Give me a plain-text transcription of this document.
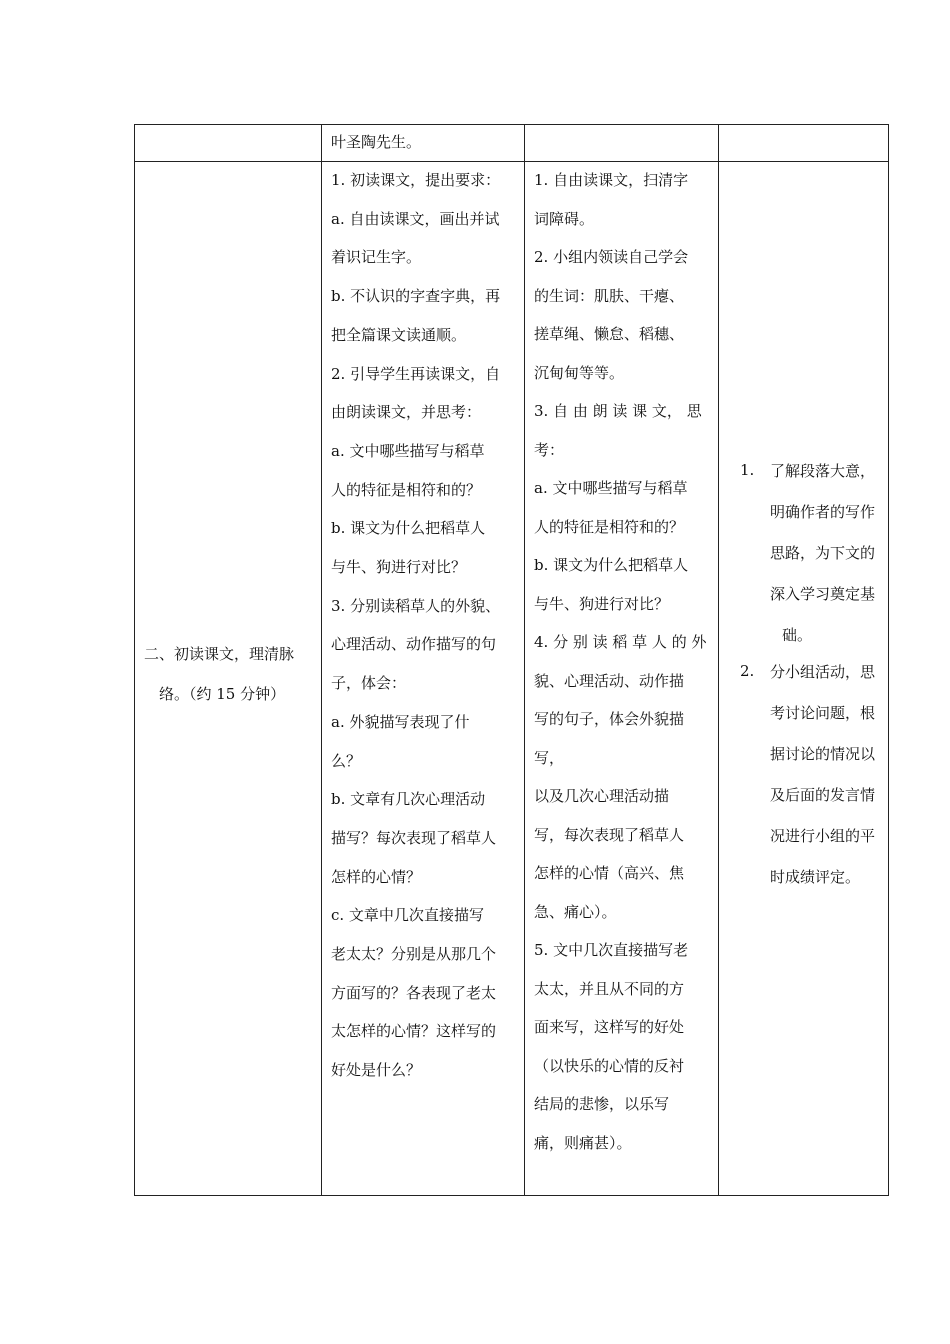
叶圣陶先生。
二、初读课文，理清脉
络。（约 15 分钟）
1. 初读课文，提出要求：
a. 自由读课文，画出并试
着识记生字。
b. 不认识的字查字典，再
把全篇课文读通顺。
2. 引导学生再读课文，自
由朗读课文，并思考：
a. 文中哪些描写与稻草
人的特征是相符和的？
b. 课文为什么把稻草人
与牛、狗进行对比？
3. 分别读稻草人的外貌、
心理活动、动作描写的句
子，体会：
a. 外貌描写表现了什
么？
b. 文章有几次心理活动
描写？每次表现了稻草人
怎样的心情？
c. 文章中几次直接描写
老太太？分别是从那几个
方面写的？各表现了老太
太怎样的心情？这样写的
好处是什么？
1. 自由读课文，扫清字
词障碍。
2. 小组内领读自己学会
的生词：肌肤、干瘪、
搓草绳、懒怠、稻穗、
沉甸甸等等。
3. 自 由 朗 读 课 文， 思
考：
a. 文中哪些描写与稻草
人的特征是相符和的？
b. 课文为什么把稻草人
与牛、狗进行对比？
4. 分 别 读 稻 草 人 的 外
貌、心理活动、动作描
写的句子，体会外貌描
写，
以及几次心理活动描
写，每次表现了稻草人
怎样的心情（高兴、焦
急、痛心）。
5. 文中几次直接描写老
太太，并且从不同的方
面来写，这样写的好处
（以快乐的心情的反衬
结局的悲惨，以乐写
痛，则痛甚）。
1. 了解段落大意，
明确作者的写作
思路，为下文的
深入学习奠定基
础。
2. 分小组活动，思
考讨论问题，根
据讨论的情况以
及后面的发言情
况进行小组的平
时成绩评定。
